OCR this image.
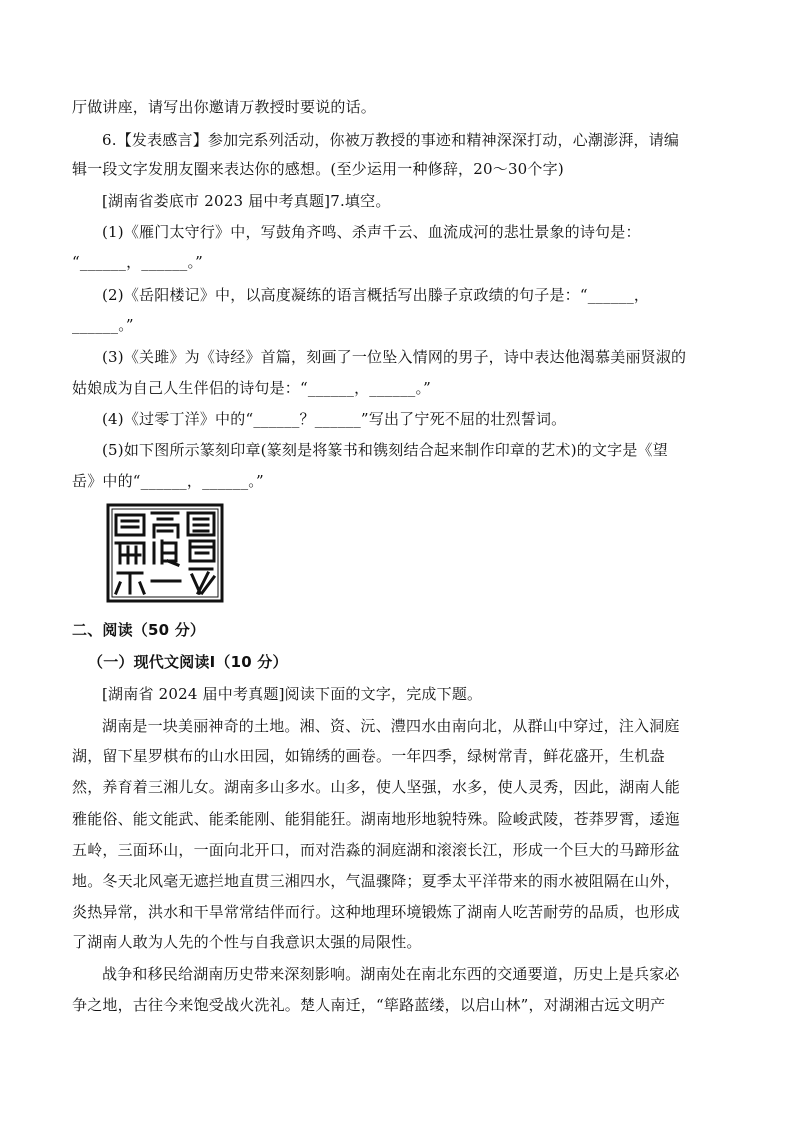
厅做讲座，请写出你邀请万教授时要说的话。
6.【发表感言】参加完系列活动，你被万教授的事迹和精神深深打动，心潮澎湃，请编
辑一段文字发朋友圈来表达你的感想。(至少运用一种修辞，20～30个字)
[湖南省娄底市 2023 届中考真题]7.填空。
(1)《雁门太守行》中，写鼓角齐鸣、杀声千云、血流成河的悲壮景象的诗句是：
“______，______。”
(2)《岳阳楼记》中，以高度凝练的语言概括写出滕子京政绩的句子是：“______，
______。”
(3)《关雎》为《诗经》首篇，刻画了一位坠入情网的男子，诗中表达他渴慕美丽贤淑的
姑娘成为自己人生伴侣的诗句是：“______，______。”
(4)《过零丁洋》中的“______？______”写出了宁死不屈的壮烈誓词。
(5)如下图所示篆刻印章(篆刻是将篆书和镌刻结合起来制作印章的艺术)的文字是《望
岳》中的“______，______。”
二、阅读（50 分）
（一）现代文阅读Ⅰ（10 分）
[湖南省 2024 届中考真题]阅读下面的文字，完成下题。
湖南是一块美丽神奇的土地。湘、资、沅、澧四水由南向北，从群山中穿过，注入洞庭
湖，留下星罗棋布的山水田园，如锦绣的画卷。一年四季，绿树常青，鲜花盛开，生机盎
然，养育着三湘儿女。湖南多山多水。山多，使人坚强，水多，使人灵秀，因此，湖南人能
雅能俗、能文能武、能柔能刚、能狷能狂。湖南地形地貌特殊。险峻武陵，苍莽罗霄，逶迤
五岭，三面环山，一面向北开口，而对浩淼的洞庭湖和滚滚长江，形成一个巨大的马蹄形盆
地。冬天北风毫无遮拦地直贯三湘四水，气温骤降；夏季太平洋带来的雨水被阻隔在山外，
炎热异常，洪水和干旱常常结伴而行。这种地理环境锻炼了湖南人吃苦耐劳的品质，也形成
了湖南人敢为人先的个性与自我意识太强的局限性。
战争和移民给湖南历史带来深刻影响。湖南处在南北东西的交通要道，历史上是兵家必
争之地，古往今来饱受战火洗礼。楚人南迁，“筚路蓝缕，以启山林”，对湖湘古远文明产
